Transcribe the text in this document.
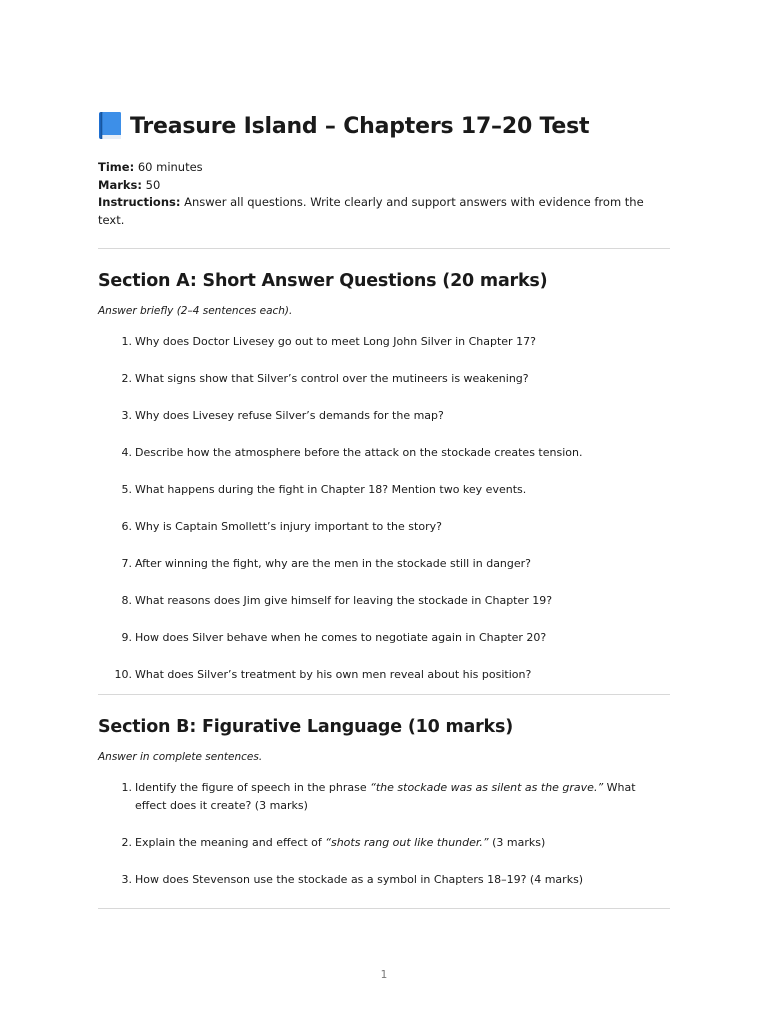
Treasure Island – Chapters 17–20 Test
Time: 60 minutes
Marks: 50
Instructions: Answer all questions. Write clearly and support answers with evidence from the text.
Section A: Short Answer Questions (20 marks)

Answer briefly (2–4 sentences each).

1. Why does Doctor Livesey go out to meet Long John Silver in Chapter 17?
2. What signs show that Silver’s control over the mutineers is weakening?
3. Why does Livesey refuse Silver’s demands for the map?
4. Describe how the atmosphere before the attack on the stockade creates tension.
5. What happens during the fight in Chapter 18? Mention two key events.
6. Why is Captain Smollett’s injury important to the story?
7. After winning the fight, why are the men in the stockade still in danger?
8. What reasons does Jim give himself for leaving the stockade in Chapter 19?
9. How does Silver behave when he comes to negotiate again in Chapter 20?
10. What does Silver’s treatment by his own men reveal about his position?
Section B: Figurative Language (10 marks)

Answer in complete sentences.

1. Identify the figure of speech in the phrase “the stockade was as silent as the grave.” What effect does it create? (3 marks)
2. Explain the meaning and effect of “shots rang out like thunder.” (3 marks)
3. How does Stevenson use the stockade as a symbol in Chapters 18–19? (4 marks)
1
